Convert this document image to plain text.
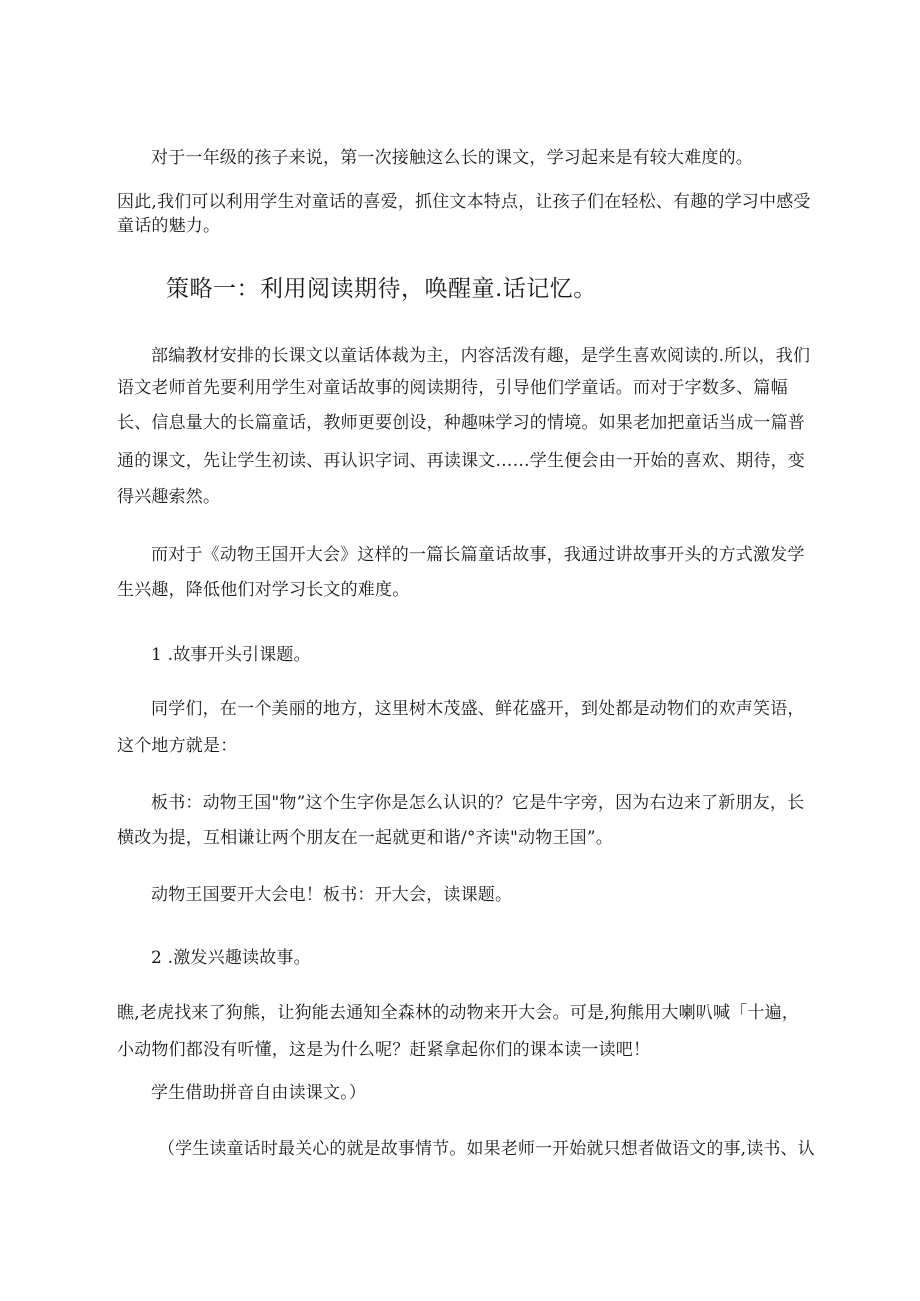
对于一年级的孩子来说，第一次接触这么长的课文，学习起来是有较大难度的。
因此,我们可以利用学生对童话的喜爱，抓住文本特点，让孩子们在轻松、有趣的学习中感受
童话的魅力。
策略一：利用阅读期待，唤醒童.话记忆。
部编教材安排的长课文以童话体裁为主，内容活泼有趣，是学生喜欢阅读的.所以，我们
语文老师首先要利用学生对童话故事的阅读期待，引导他们学童话。而对于字数多、篇幅
长、信息量大的长篇童话，教师更要创设，种趣味学习的情境。如果老加把童话当成一篇普
通的课文，先让学生初读、再认识字词、再读课文……学生便会由一开始的喜欢、期待，变
得兴趣索然。
而对于《动物王国开大会》这样的一篇长篇童话故事，我通过讲故事开头的方式激发学
生兴趣，降低他们对学习长文的难度。
1 .故事开头引课题。
同学们，在一个美丽的地方，这里树木茂盛、鲜花盛开，到处都是动物们的欢声笑语，
这个地方就是：
板书：动物王国"物”这个生字你是怎么认识的？它是牛字旁，因为右边来了新朋友，长
横改为提，互相谦让两个朋友在一起就更和谐/°齐读"动物王国”。
动物王国要开大会电！板书：开大会，读课题。
2 .激发兴趣读故事。
瞧,老虎找来了狗熊，让狗能去通知全森林的动物来开大会。可是,狗熊用大喇叭喊「十遍，
小动物们都没有听懂，这是为什么呢？赶紧拿起你们的课本读一读吧！
学生借助拼音自由读课文。）
（学生读童话时最关心的就是故事情节。如果老师一开始就只想者做语文的事,读书、认
